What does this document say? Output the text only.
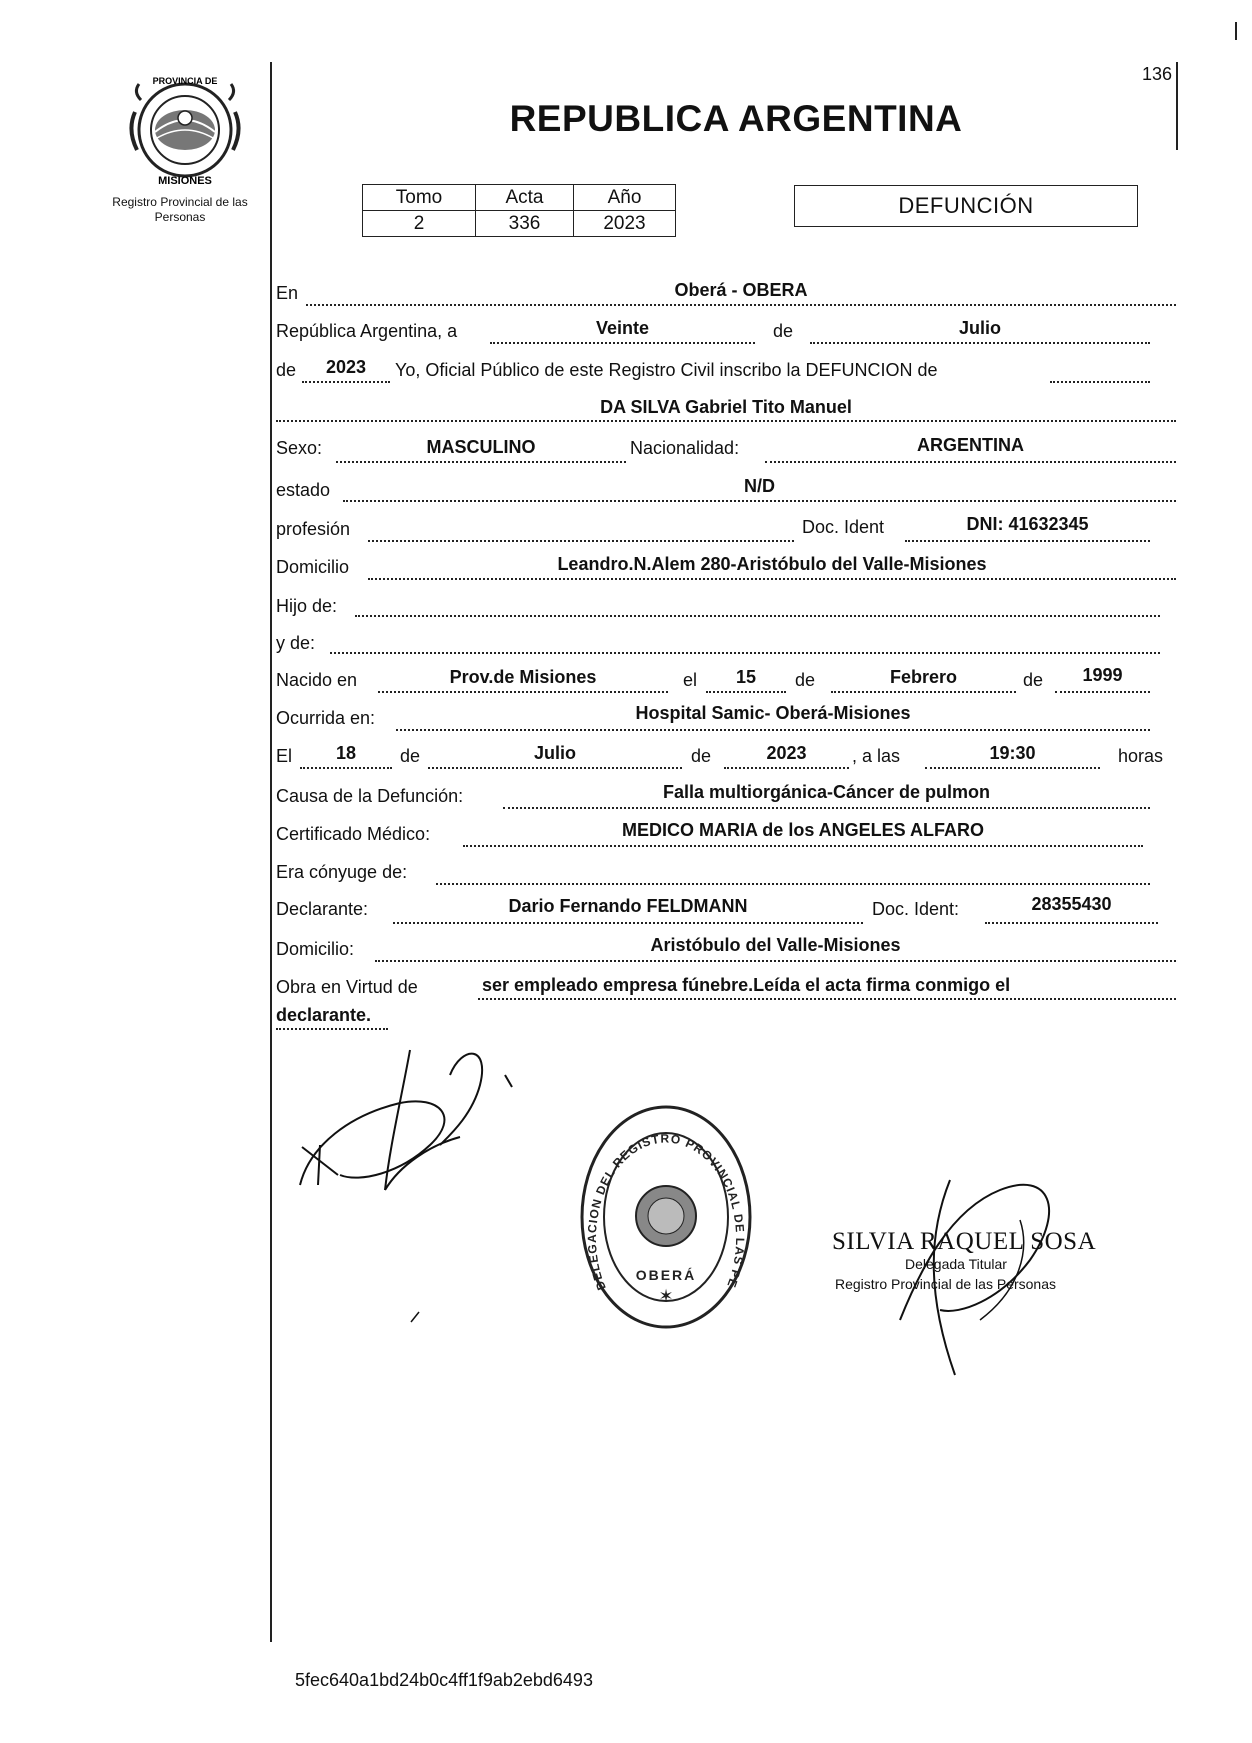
PROVINCIA DE
MISIONES
Registro Provincial de las Personas
136
REPUBLICA ARGENTINA
Tomo	Acta	Año
2	336	2023
DEFUNCIÓN
En	Oberá - OBERA
República Argentina, a	Veinte	de	Julio
de	2023	Yo, Oficial Público de este Registro Civil inscribo la DEFUNCION de
DA SILVA Gabriel Tito Manuel
Sexo:	MASCULINO	Nacionalidad:	ARGENTINA
estado	N/D
profesión	Doc. Ident	DNI: 41632345
Domicilio	Leandro.N.Alem 280-Aristóbulo del Valle-Misiones
Hijo de:
y de:
Nacido en	Prov.de Misiones	el	15	de	Febrero	de	1999
Ocurrida en:	Hospital Samic- Oberá-Misiones
El	18	de	Julio	de	2023	, a las	19:30	horas
Causa de la Defunción:	Falla multiorgánica-Cáncer de pulmon
Certificado Médico:	MEDICO MARIA de los ANGELES ALFARO
Era cónyuge de:
Declarante:	Dario Fernando FELDMANN	Doc. Ident:	28355430
Domicilio:	Aristóbulo del Valle-Misiones
Obra en Virtud de	ser empleado empresa fúnebre.Leída el acta firma conmigo el
declarante.
DELEGACION DEL REGISTRO PROVINCIAL DE LAS PE
OBERÁ
✶
SILVIA RAQUEL SOSA
Delegada Titular
Registro Provincial de las Personas
5fec640a1bd24b0c4ff1f9ab2ebd6493
